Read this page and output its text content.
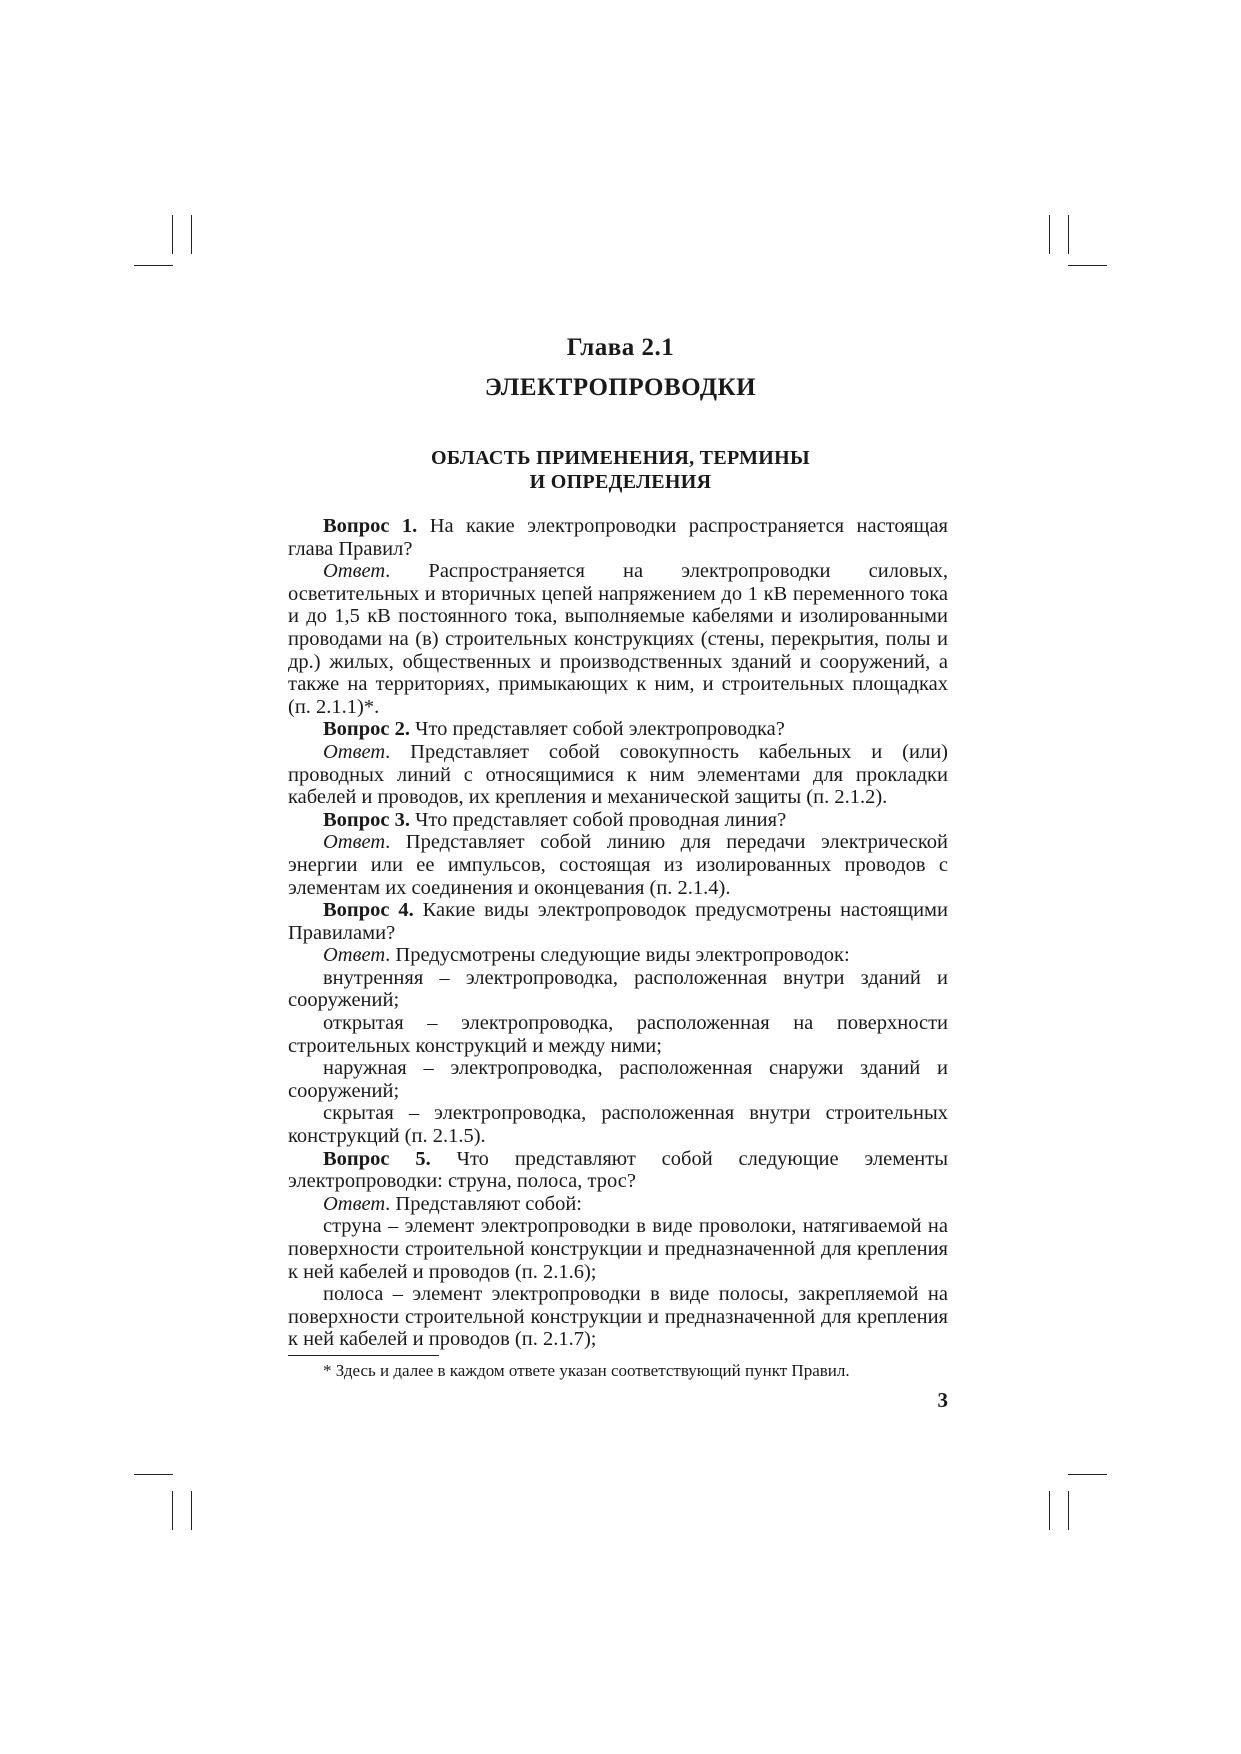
Глава 2.1
ЭЛЕКТРОПРОВОДКИ
ОБЛАСТЬ ПРИМЕНЕНИЯ, ТЕРМИНЫ
И ОПРЕДЕЛЕНИЯ

Вопрос 1. На какие электропроводки распространяется настоящая глава Правил?

Ответ. Распространяется на электропроводки силовых, осветительных и вторичных цепей напряжением до 1 кВ переменного тока и до 1,5 кВ постоянного тока, выполняемые кабелями и изолированными проводами на (в) строительных конструкциях (стены, перекрытия, полы и др.) жилых, общественных и производственных зданий и сооружений, а также на территориях, примыкающих к ним, и строительных площадках (п. 2.1.1)*.

Вопрос 2. Что представляет собой электропроводка?

Ответ. Представляет собой совокупность кабельных и (или) проводных линий с относящимися к ним элементами для прокладки кабелей и проводов, их крепления и механической защиты (п. 2.1.2).

Вопрос 3. Что представляет собой проводная линия?

Ответ. Представляет собой линию для передачи электрической энергии или ее импульсов, состоящая из изолированных проводов с элементам их соединения и оконцевания (п. 2.1.4).

Вопрос 4. Какие виды электропроводок предусмотрены настоящими Правилами?

Ответ. Предусмотрены следующие виды электропроводок:

внутренняя – электропроводка, расположенная внутри зданий и сооружений;

открытая – электропроводка, расположенная на поверхности строительных конструкций и между ними;

наружная – электропроводка, расположенная снаружи зданий и сооружений;

скрытая – электропроводка, расположенная внутри строительных конструкций (п. 2.1.5).

Вопрос 5. Что представляют собой следующие элементы электропроводки: струна, полоса, трос?

Ответ. Представляют собой:

струна – элемент электропроводки в виде проволоки, натягиваемой на поверхности строительной конструкции и предназначенной для крепления к ней кабелей и проводов (п. 2.1.6);

полоса – элемент электропроводки в виде полосы, закрепляемой на поверхности строительной конструкции и предназначенной для крепления к ней кабелей и проводов (п. 2.1.7);

* Здесь и далее в каждом ответе указан соответствующий пункт Правил.
3
